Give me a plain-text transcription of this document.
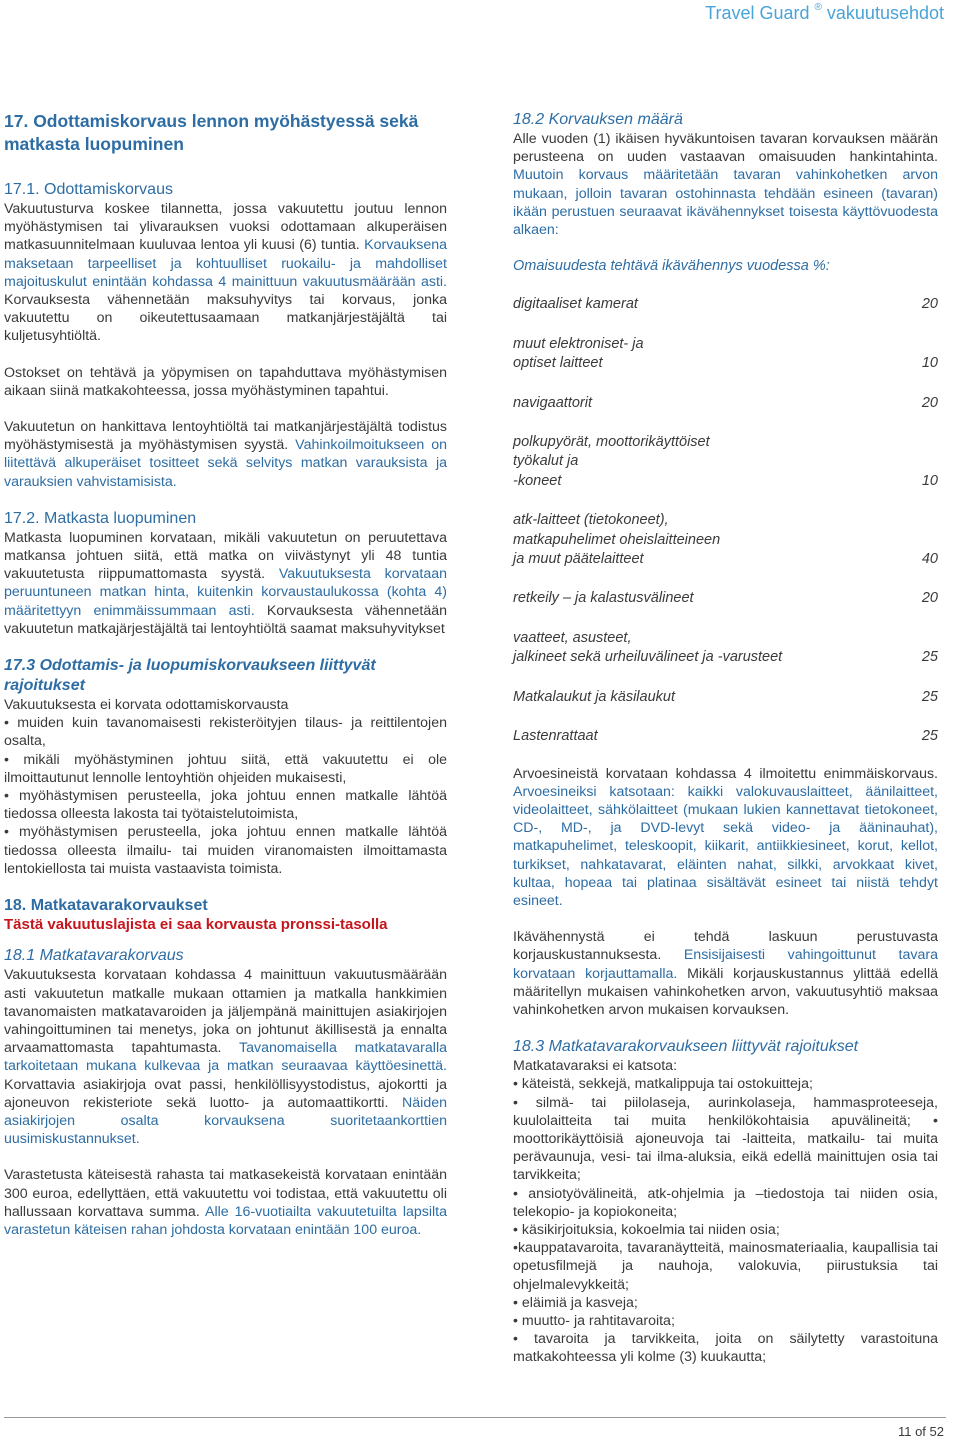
Travel Guard ® vakuutusehdot
17. Odottamiskorvaus lennon myöhästyessä sekä matkasta luopuminen
17.1. Odottamiskorvaus

Vakuutusturva koskee tilannetta, jossa vakuutettu joutuu lennon myöhästymisen tai ylivarauksen vuoksi odottamaan alkuperäisen matkasuunnitelmaan kuuluvaa lentoa yli kuusi (6) tuntia. Korvauksena maksetaan tarpeelliset ja kohtuulliset ruokailu- ja mahdolliset majoituskulut enintään kohdassa 4 mainittuun vakuutusmäärään asti. Korvauksesta vähennetään maksuhyvitys tai korvaus, jonka vakuutettu on oikeutettusaamaan matkanjärjestäjältä tai kuljetusyhtiöltä.

Ostokset on tehtävä ja yöpymisen on tapahduttava myöhästymisen aikaan siinä matkakohteessa, jossa myöhästyminen tapahtui.

Vakuutetun on hankittava lentoyhtiöltä tai matkanjärjestäjältä todistus myöhästymisestä ja myöhästymisen syystä. Vahinkoilmoitukseen on liitettävä alkuperäiset tositteet sekä selvitys matkan varauksista ja varauksien vahvistamisista.

17.2. Matkasta luopuminen

Matkasta luopuminen korvataan, mikäli vakuutetun on peruutettava matkansa johtuen siitä, että matka on viivästynyt yli 48 tuntia vakuutetusta riippumattomasta syystä. Vakuutuksesta korvataan peruuntuneen matkan hinta, kuitenkin korvaustaulukossa (kohta 4) määritettyyn enimmäissummaan asti. Korvauksesta vähennetään vakuutetun matkajärjestäjältä tai lentoyhtiöltä saamat maksuhyvitykset

17.3 Odottamis- ja luopumiskorvaukseen liittyvät rajoitukset

Vakuutuksesta ei korvata odottamiskorvausta

• muiden kuin tavanomaisesti rekisteröityjen tilaus- ja reittilentojen osalta,

• mikäli myöhästyminen johtuu siitä, että vakuutettu ei ole ilmoittautunut lennolle lentoyhtiön ohjeiden mukaisesti,

• myöhästymisen perusteella, joka johtuu ennen matkalle lähtöä tiedossa olleesta lakosta tai työtaistelutoimista,

• myöhästymisen perusteella, joka johtuu ennen matkalle lähtöä tiedossa olleesta ilmailu- tai muiden viranomaisten ilmoittamasta lentokiellosta tai muista vastaavista toimista.

18. Matkatavarakorvaukset
Tästä vakuutuslajista ei saa korvausta pronssi-tasolla
18.1 Matkatavarakorvaus

Vakuutuksesta korvataan kohdassa 4 mainittuun vakuutusmäärään asti vakuutetun matkalle mukaan ottamien ja matkalla hankkimien tavanomaisten matkatavaroiden ja jäljempänä mainittujen asiakirjojen vahingoittuminen tai menetys, joka on johtunut äkillisestä ja ennalta arvaamattomasta tapahtumasta. Tavanomaisella matkatavaralla tarkoitetaan mukana kulkevaa ja matkan seuraavaa käyttöesinettä. Korvattavia asiakirjoja ovat passi, henkilöllisyystodistus, ajokortti ja ajoneuvon rekisteriote sekä luotto- ja automaattikortti. Näiden asiakirjojen osalta korvauksena suoritetaankorttien uusimiskustannukset.

Varastetusta käteisestä rahasta tai matkasekeistä korvataan enintään 300 euroa, edellyttäen, että vakuutettu voi todistaa, että vakuutettu oli hallussaan korvattava summa. Alle 16-vuotiailta vakuutetuilta lapsilta varastetun käteisen rahan johdosta korvataan enintään 100 euroa.

18.2 Korvauksen määrä

Alle vuoden (1) ikäisen hyväkuntoisen tavaran korvauksen määrän perusteena on uuden vastaavan omaisuuden hankintahinta. Muutoin korvaus määritetään tavaran vahinkohetken arvon mukaan, jolloin tavaran ostohinnasta tehdään esineen (tavaran) ikään perustuen seuraavat ikävähennykset toisesta käyttövuodesta alkaen:

Omaisuudesta tehtävä ikävähennys vuodessa %:
digitaaliset kamerat	20
muut elektroniset- ja
optiset laitteet	10
navigaattorit	20
polkupyörät, moottorikäyttöiset
työkalut ja
-koneet	10
atk-laitteet (tietokoneet),
matkapuhelimet oheislaitteineen
ja muut päätelaitteet	40
retkeily – ja kalastusvälineet	20
vaatteet, asusteet,
jalkineet sekä urheiluvälineet ja -varusteet	25
Matkalaukut ja käsilaukut	25
Lastenrattaat	25

Arvoesineistä korvataan kohdassa 4 ilmoitettu enimmäiskorvaus. Arvoesineiksi katsotaan: kaikki valokuvauslaitteet, äänilaitteet, videolaitteet, sähkölaitteet (mukaan lukien kannettavat tietokoneet, CD-, MD-, ja DVD-levyt sekä video- ja ääninauhat), matkapuhelimet, teleskoopit, kiikarit, antiikkiesineet, korut, kellot, turkikset, nahkatavarat, eläinten nahat, silkki, arvokkaat kivet, kultaa, hopeaa tai platinaa sisältävät esineet tai niistä tehdyt esineet.

Ikävähennystä ei tehdä laskuun perustuvasta korjauskustannuksesta. Ensisijaisesti vahingoittunut tavara korvataan korjauttamalla. Mikäli korjauskustannus ylittää edellä määritellyn mukaisen vahinkohetken arvon, vakuutusyhtiö maksaa vahinkohetken arvon mukaisen korvauksen.

18.3 Matkatavarakorvaukseen liittyvät rajoitukset

Matkatavaraksi ei katsota:

• käteistä, sekkejä, matkalippuja tai ostokuitteja;

• silmä- tai piilolaseja, aurinkolaseja, hammasproteeseja, kuulolaitteita tai muita henkilökohtaisia apuvälineitä; • moottorikäyttöisiä ajoneuvoja tai -laitteita, matkailu- tai muita perävaunuja, vesi- tai ilma-aluksia, eikä edellä mainittujen osia tai tarvikkeita;

• ansiotyövälineitä, atk-ohjelmia ja –tiedostoja tai niiden osia, telekopio- ja kopiokoneita;

• käsikirjoituksia, kokoelmia tai niiden osia;

•kauppatavaroita, tavaranäytteitä, mainosmateriaalia, kaupallisia tai opetusfilmejä ja nauhoja, valokuvia, piirustuksia tai ohjelmalevykkeitä;

• eläimiä ja kasveja;

• muutto- ja rahtitavaroita;

• tavaroita ja tarvikkeita, joita on säilytetty varastoituna matkakohteessa yli kolme (3) kuukautta;

11 of 52
